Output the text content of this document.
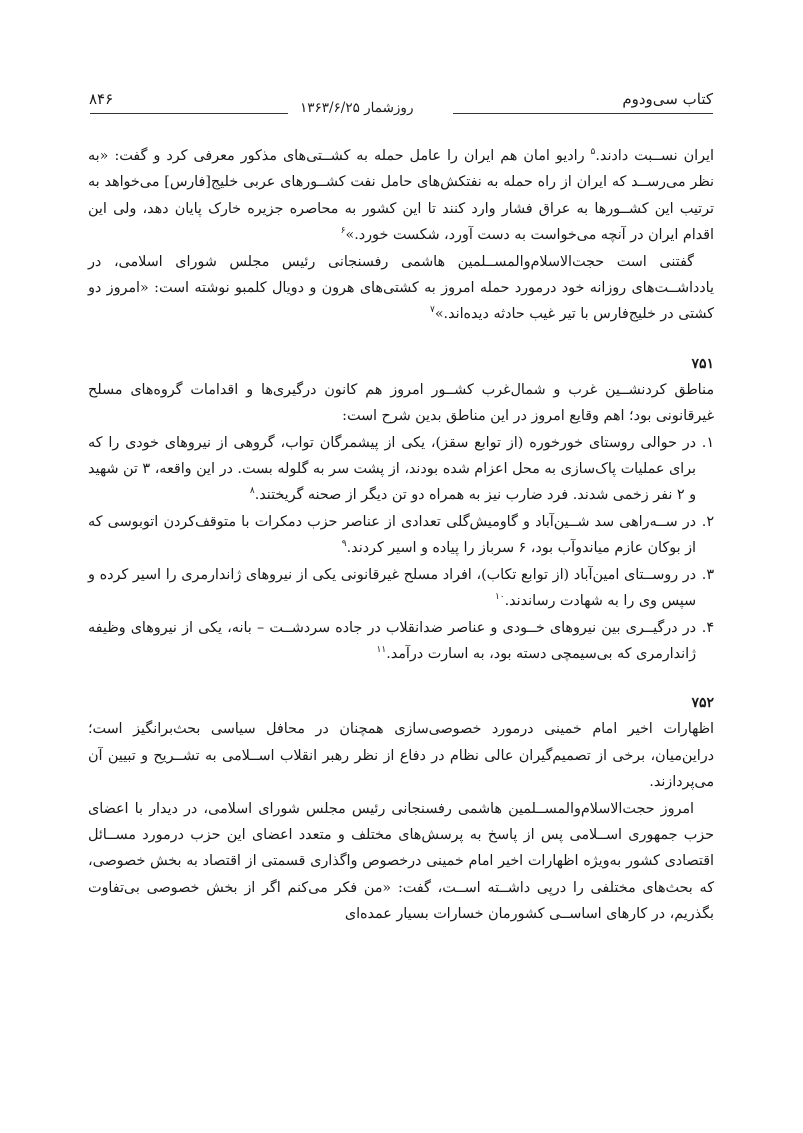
کتاب سی‌ودوم
۸۴۶	روزشمار ۱۳۶۳/۶/۲۵

ایران نســبت دادند.$^۵$ رادیو امان هم ایران را عامل حمله به کشــتی‌های مذکور معرفی کرد و گفت: «به نظر می‌رســد که ایران از راه حمله به نفتکش‌های حامل نفت کشــورهای عربی خلیج[فارس] می‌خواهد به ترتیب این کشــورها به عراق فشار وارد کنند تا این کشور به محاصره جزیره خارک پایان دهد، ولی این اقدام ایران در آنچه می‌خواست به دست آورد، شکست خورد.»$^۶$

گفتنی است حجت‌الاسلام‌والمســلمین هاشمی رفسنجانی رئیس مجلس شورای اسلامی، در یادداشــت‌های روزانه خود درمورد حمله امروز به کشتی‌های هرون و دویال کلمبو نوشته است: «امروز دو کشتی در خلیج‌فارس با تیر غیب حادثه دیده‌اند.»$^۷$

۷۵۱

مناطق کردنشــین غرب و شمال‌غرب کشــور امروز هم کانون درگیری‌ها و اقدامات گروه‌های مسلح غیرقانونی بود؛ اهم وقایع امروز در این مناطق بدین شرح است:

۱.

در حوالی روستای خورخوره (از توابع سقز)، یکی از پیشمرگان تواب، گروهی از نیروهای خودی را که برای عملیات پاک‌سازی به محل اعزام شده بودند، از پشت سر به گلوله بست. در این واقعه، ۳ تن شهید و ۲ نفر زخمی شدند. فرد ضارب نیز به همراه دو تن دیگر از صحنه گریختند.$^۸$

۲.

در ســه‌راهی سد شــین‌آباد و گاومیش‌گلی تعدادی از عناصر حزب دمکرات با متوقف‌کردن اتوبوسی که از بوکان عازم میاندوآب بود، ۶ سرباز را پیاده و اسیر کردند.$^۹$

۳.

در روســتای امین‌آباد (از توابع تکاب)، افراد مسلح غیرقانونی یکی از نیروهای ژاندارمری را اسیر کرده و سپس وی را به شهادت رساندند.$^{۱۰}$

۴.

در درگیــری بین نیروهای خــودی و عناصر ضدانقلاب در جاده سردشــت – بانه، یکی از نیروهای وظیفه ژاندارمری که بی‌سیمچی دسته بود، به اسارت درآمد.$^{۱۱}$

۷۵۲

اظهارات اخیر امام خمینی درمورد خصوصی‌سازی همچنان در محافل سیاسی بحث‌برانگیز است؛ دراین‌میان، برخی از تصمیم‌گیران عالی نظام در دفاع از نظر رهبر انقلاب اســلامی به تشــریح و تبیین آن می‌پردازند.

امروز حجت‌الاسلام‌والمســلمین هاشمی رفسنجانی رئیس مجلس شورای اسلامی، در دیدار با اعضای حزب جمهوری اســلامی پس از پاسخ به پرسش‌های مختلف و متعدد اعضای این حزب درمورد مســائل اقتصادی کشور به‌ویژه اظهارات اخیر امام خمینی درخصوص واگذاری قسمتی از اقتصاد به بخش خصوصی، که بحث‌های مختلفی را درپی داشــته اســت، گفت: «من فکر می‌کنم اگر از بخش خصوصی بی‌تفاوت بگذریم، در کارهای اساســی کشورمان خسارات بسیار عمده‌ای
